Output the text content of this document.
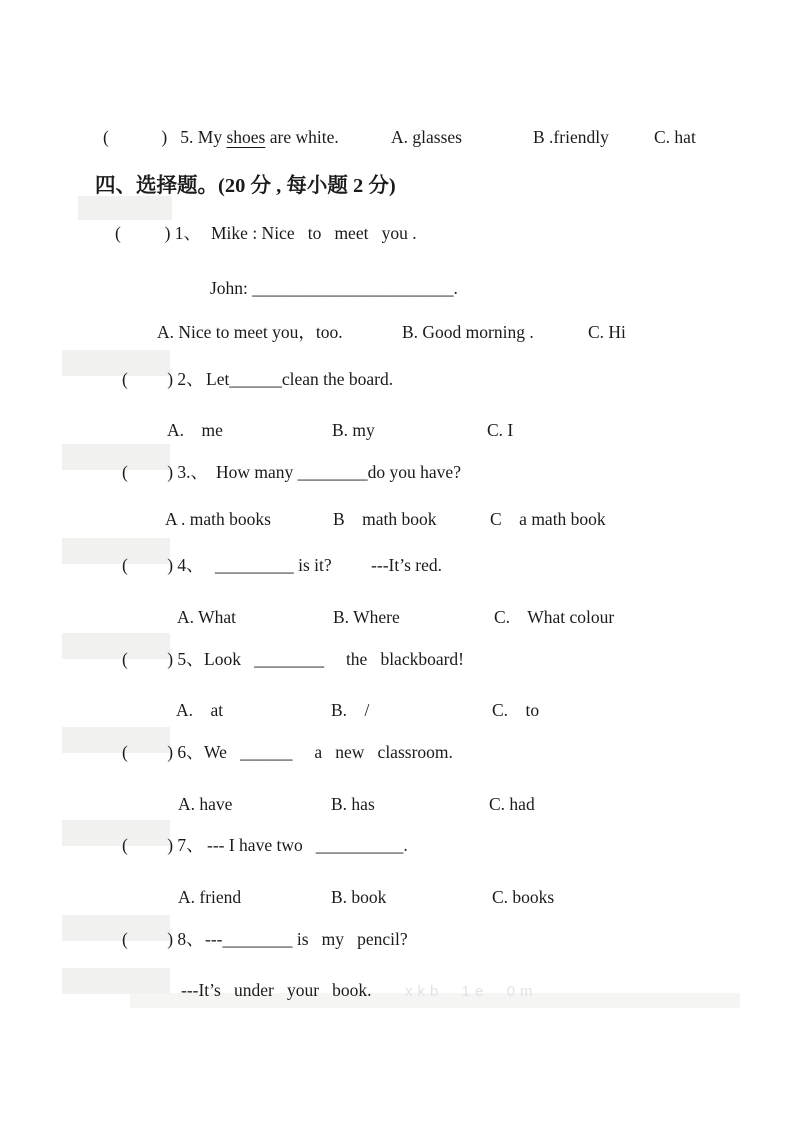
(            )   5. My shoes are white.

	A. glasses

	B .friendly

	C. hat

四、选择题。(20 分 , 每小题 2 分)

(          ) 1、

Mike : Nice   to   meet   you .

John: _______________________.

A. Nice to meet you，too.

	B. Good morning .

	C. Hi

(         ) 2、

Let______clean the board.

A.    me

	B. my

	C. I

(         ) 3.、

How many ________do you have?

A . math books

	B    math book

	C    a math book

(         ) 4、

_________ is it?         ---It’s red.

A. What

	B. Where

	C.    What colour

(         ) 5、

Look   ________     the   blackboard!

A.    at

	B.    /

	C.    to

(         ) 6、

We   ______     a   new   classroom.

A. have

	B. has

	C. had

(         ) 7、

--- I have two   __________.

A. friend

	B. book

	C. books

(         ) 8、

---________ is   my   pencil?

---It’s   under   your   book.

xkb  1e  0m
